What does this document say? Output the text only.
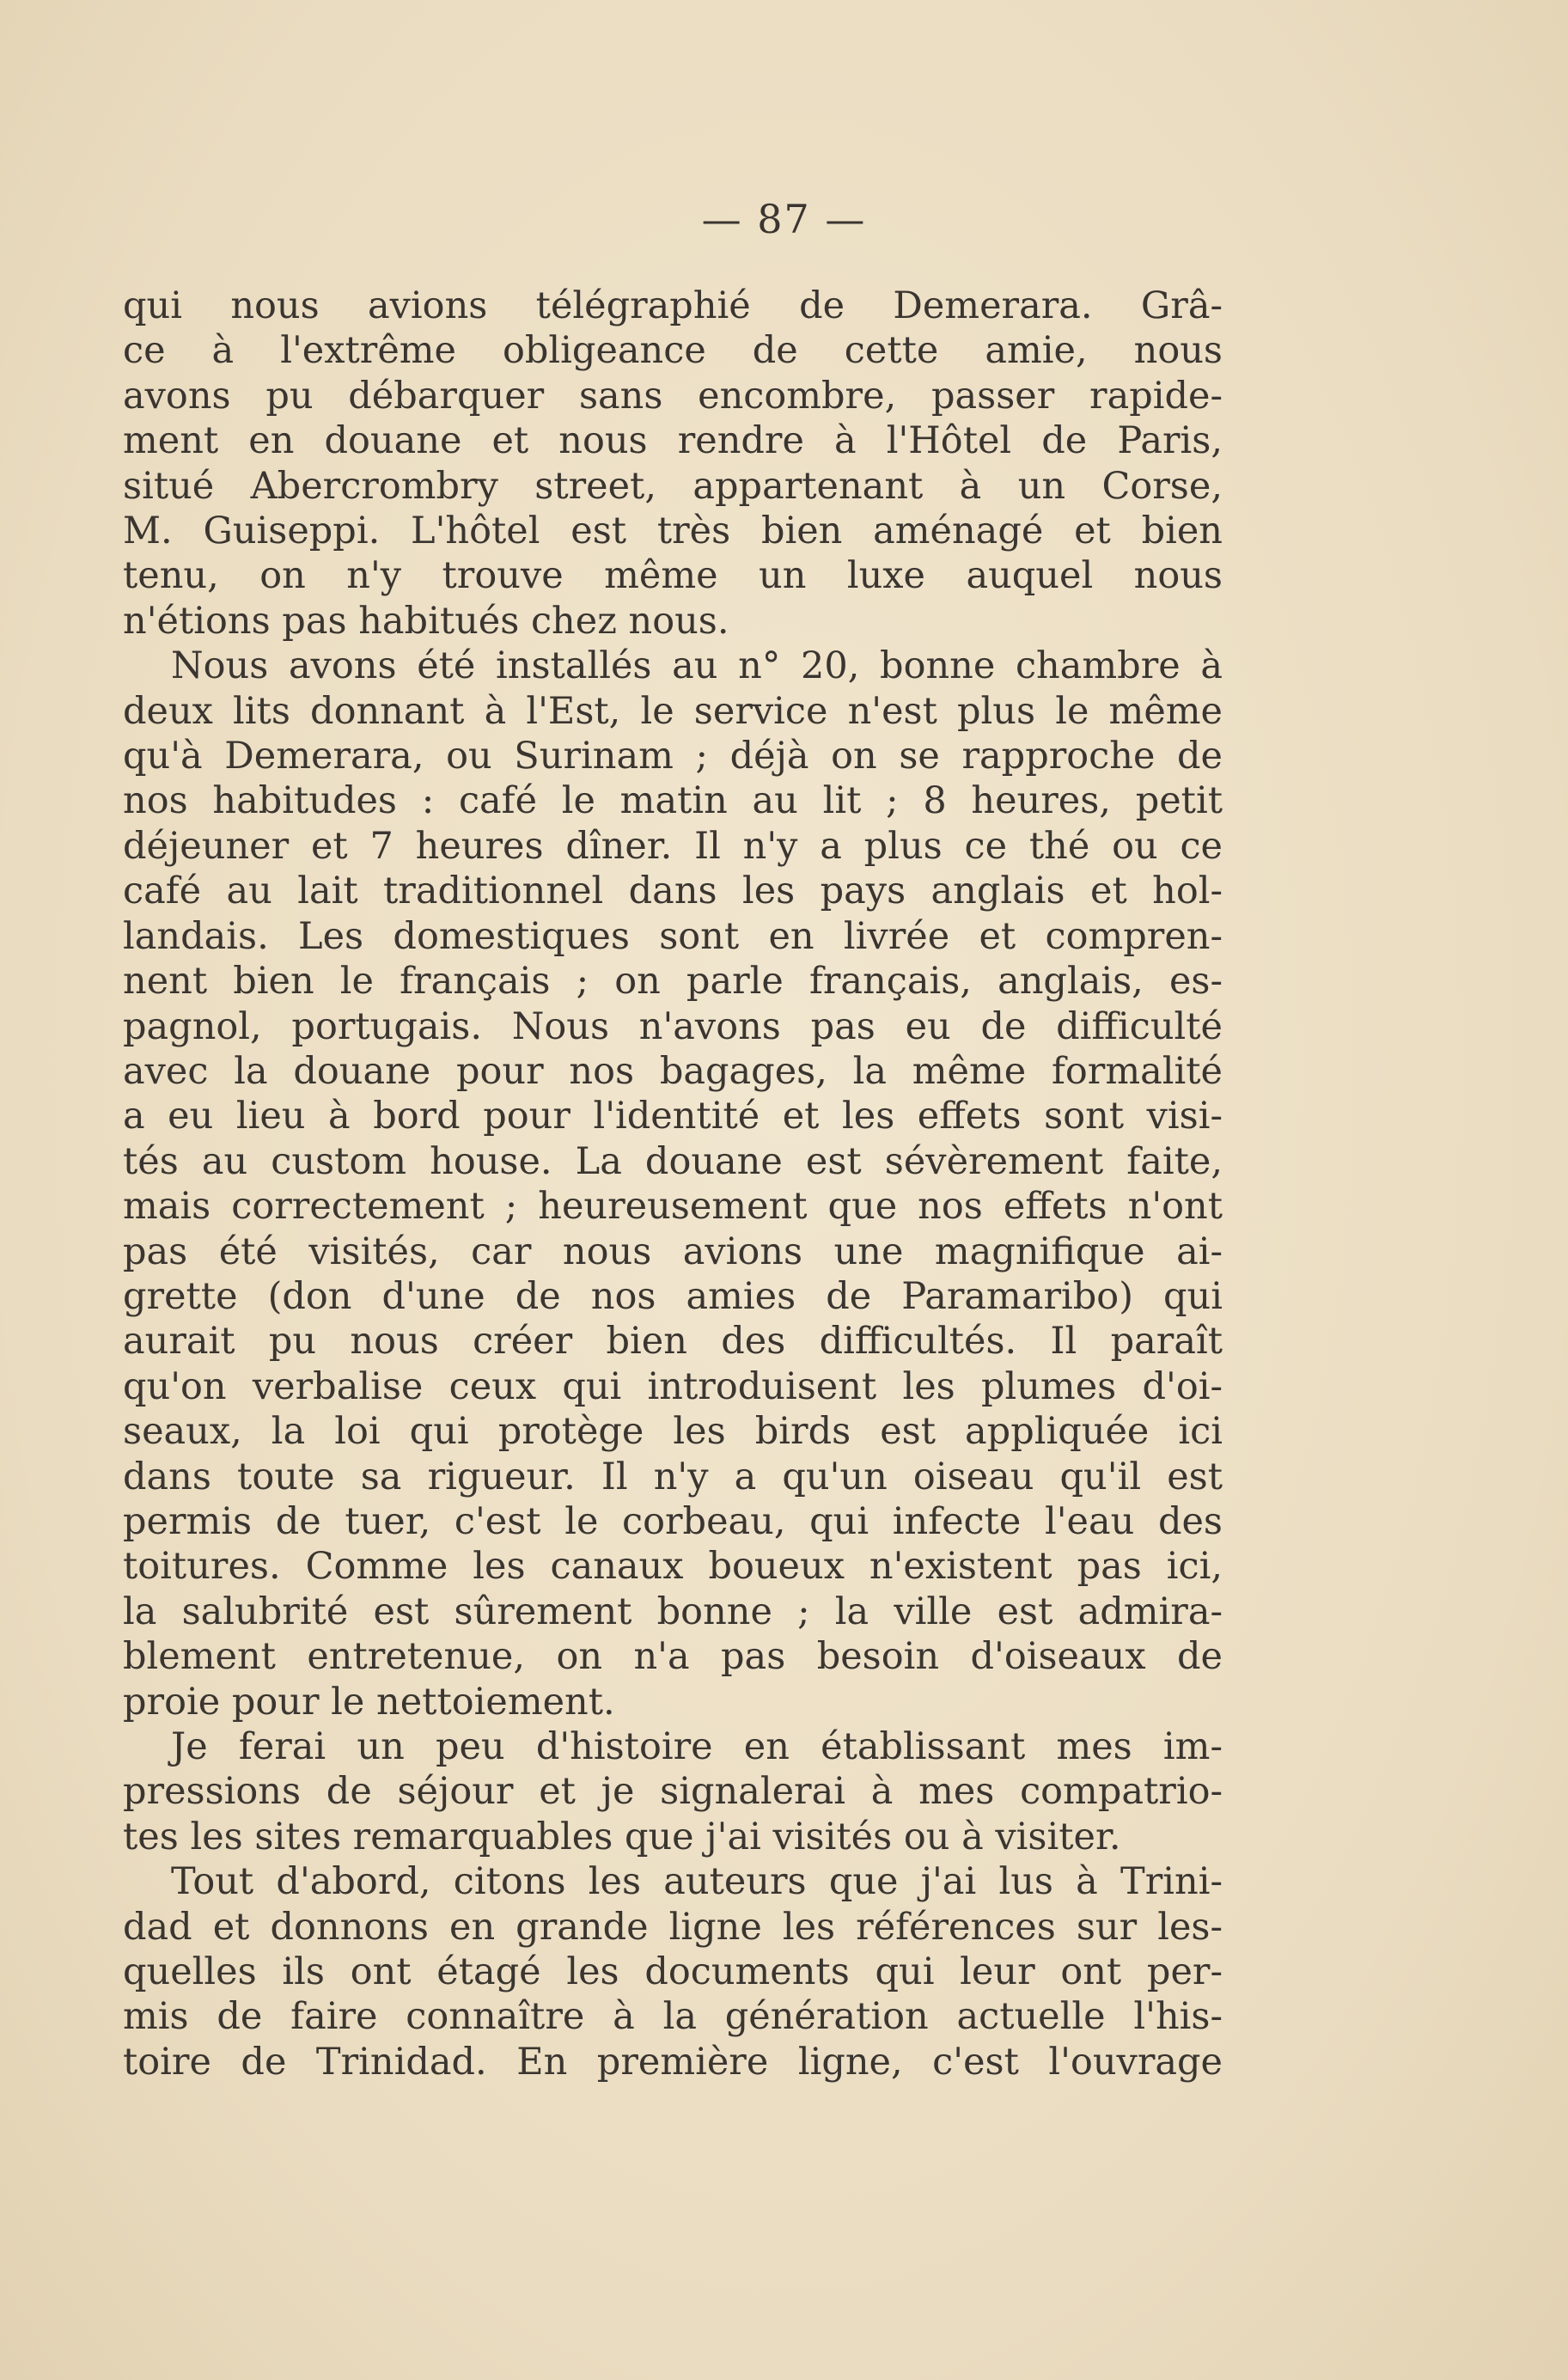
— 87 —

qui nous avions télégraphié de Demerara. Grâ-
ce à l'extrême obligeance de cette amie, nous
avons pu débarquer sans encombre, passer rapide-
ment en douane et nous rendre à l'Hôtel de Paris,
situé Abercrombry street, appartenant à un Corse,
M. Guiseppi. L'hôtel est très bien aménagé et bien
tenu, on n'y trouve même un luxe auquel nous
n'étions pas habitués chez nous.

Nous avons été installés au n° 20, bonne chambre à
deux lits donnant à l'Est, le service n'est plus le même
qu'à Demerara, ou Surinam ; déjà on se rapproche de
nos habitudes : café le matin au lit ; 8 heures, petit
déjeuner et 7 heures dîner. Il n'y a plus ce thé ou ce
café au lait traditionnel dans les pays anglais et hol-
landais. Les domestiques sont en livrée et compren-
nent bien le français ; on parle français, anglais, es-
pagnol, portugais. Nous n'avons pas eu de difficulté
avec la douane pour nos bagages, la même formalité
a eu lieu à bord pour l'identité et les effets sont visi-
tés au custom house. La douane est sévèrement faite,
mais correctement ; heureusement que nos effets n'ont
pas été visités, car nous avions une magnifique ai-
grette (don d'une de nos amies de Paramaribo) qui
aurait pu nous créer bien des difficultés. Il paraît
qu'on verbalise ceux qui introduisent les plumes d'oi-
seaux, la loi qui protège les birds est appliquée ici
dans toute sa rigueur. Il n'y a qu'un oiseau qu'il est
permis de tuer, c'est le corbeau, qui infecte l'eau des
toitures. Comme les canaux boueux n'existent pas ici,
la salubrité est sûrement bonne ; la ville est admira-
blement entretenue, on n'a pas besoin d'oiseaux de
proie pour le nettoiement.

Je ferai un peu d'histoire en établissant mes im-
pressions de séjour et je signalerai à mes compatrio-
tes les sites remarquables que j'ai visités ou à visiter.

Tout d'abord, citons les auteurs que j'ai lus à Trini-
dad et donnons en grande ligne les références sur les-
quelles ils ont étagé les documents qui leur ont per-
mis de faire connaître à la génération actuelle l'his-
toire de Trinidad. En première ligne, c'est l'ouvrage
